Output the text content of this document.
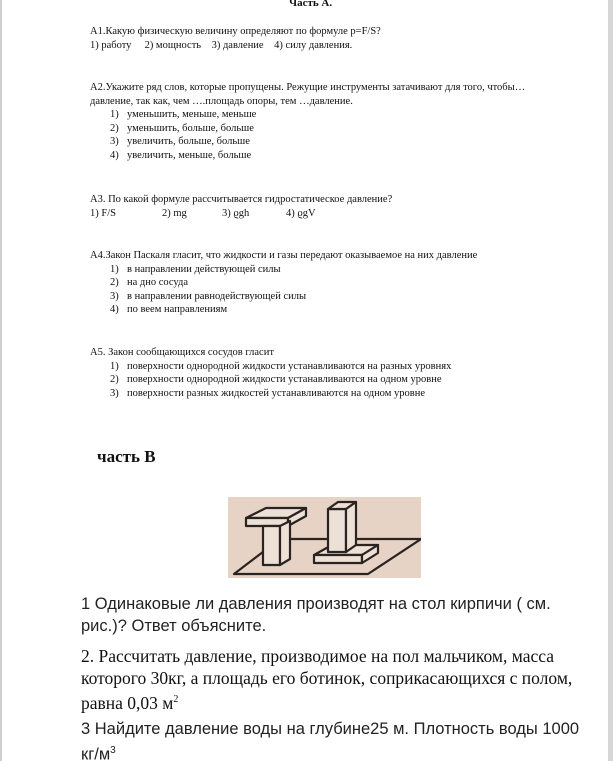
Часть А.

А1.Какую физическую величину определяют по формуле p=F/S?

1) работу 2) мощность 3) давление 4) силу давления.

А2.Укажите ряд слов, которые пропущены. Режущие инструменты затачивают для того, чтобы…давление, так как, чем ….площадь опоры, тем …давление.

1) уменьшить, меньше, меньше
2) уменьшить, больше, больше
3) увеличить, больше, больше
4) увеличить, меньше, больше

А3. По какой формуле рассчитывается гидростатическое давление?

1) F/S	2) mg	3) ϱgh	4) ϱgV

А4.Закон Паскаля гласит, что жидкости и газы передают оказываемое на них давление

1) в направлении действующей силы
2) на дно сосуда
3) в направлении равнодействующей силы
4) по веем направлениям

А5. Закон сообщающихся сосудов гласит

1) поверхности однородной жидкости устанавливаются на разных уровнях
2) поверхности однородной жидкости устанавливаются на одном уровне
3) поверхности разных жидкостей устанавливаются на одном уровне
часть В
1 Одинаковые ли давления производят на стол кирпичи ( см. рис.)? Ответ объясните.
2. Рассчитать давление, производимое на пол мальчиком, масса которого 30кг, а площадь его ботинок, соприкасающихся с полом, равна 0,03 $м^2$
3 Найдите давление воды на глубине25 м. Плотность воды 1000 $кг/м^3$
